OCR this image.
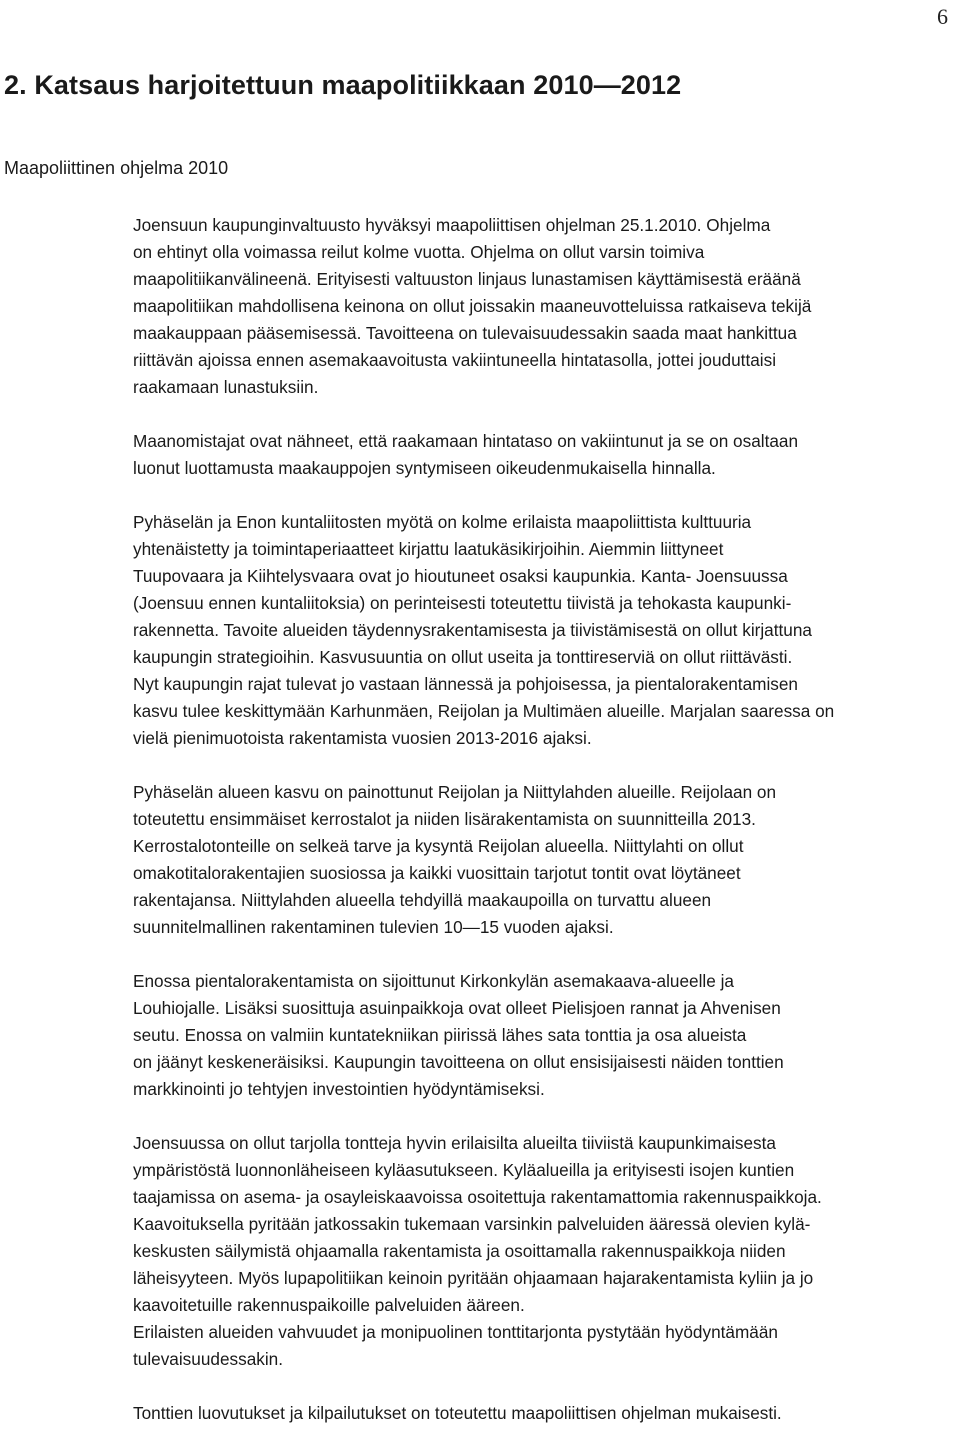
6
2. Katsaus harjoitettuun maapolitiikkaan 2010—2012
Maapoliittinen ohjelma 2010
Joensuun kaupunginvaltuusto hyväksyi maapoliittisen ohjelman 25.1.2010. Ohjelma
on ehtinyt olla voimassa reilut kolme vuotta. Ohjelma on ollut varsin toimiva
maapolitiikanvälineenä. Erityisesti valtuuston linjaus lunastamisen käyttämisestä eräänä
maapolitiikan mahdollisena keinona on ollut joissakin maaneuvotteluissa ratkaiseva tekijä
maakauppaan pääsemisessä. Tavoitteena on tulevaisuudessakin saada maat hankittua
riittävän ajoissa ennen asemakaavoitusta vakiintuneella hintatasolla, jottei jouduttaisi
raakamaan lunastuksiin.
Maanomistajat ovat nähneet, että raakamaan hintataso on vakiintunut ja se on osaltaan
luonut luottamusta maakauppojen syntymiseen oikeudenmukaisella hinnalla.
Pyhäselän ja Enon kuntaliitosten myötä on kolme erilaista maapoliittista kulttuuria
yhtenäistetty ja toimintaperiaatteet kirjattu laatukäsikirjoihin. Aiemmin liittyneet
Tuupovaara ja Kiihtelysvaara ovat jo hioutuneet osaksi kaupunkia. Kanta- Joensuussa
(Joensuu ennen kuntaliitoksia) on perinteisesti toteutettu tiivistä ja tehokasta kaupunki-
rakennetta. Tavoite alueiden täydennysrakentamisesta ja tiivistämisestä on ollut kirjattuna
kaupungin strategioihin. Kasvusuuntia on ollut useita ja tonttireserviä on ollut riittävästi.
Nyt kaupungin rajat tulevat jo vastaan lännessä ja pohjoisessa, ja pientalorakentamisen
kasvu tulee keskittymään Karhunmäen, Reijolan ja Multimäen alueille. Marjalan saaressa on
vielä pienimuotoista rakentamista vuosien 2013-2016 ajaksi.
Pyhäselän alueen kasvu on painottunut Reijolan ja Niittylahden alueille. Reijolaan on
toteutettu ensimmäiset kerrostalot ja niiden lisärakentamista on suunnitteilla 2013.
Kerrostalotonteille on selkeä tarve ja kysyntä Reijolan alueella. Niittylahti on ollut
omakotitalorakentajien suosiossa ja kaikki vuosittain tarjotut tontit ovat löytäneet
rakentajansa. Niittylahden alueella tehdyillä maakaupoilla on turvattu alueen
suunnitelmallinen rakentaminen tulevien 10—15 vuoden ajaksi.
Enossa pientalorakentamista on sijoittunut Kirkonkylän asemakaava-alueelle ja
Louhiojalle. Lisäksi suosittuja asuinpaikkoja ovat olleet Pielisjoen rannat ja Ahvenisen
seutu. Enossa on valmiin kuntatekniikan piirissä lähes sata tonttia ja osa alueista
on jäänyt keskeneräisiksi. Kaupungin tavoitteena on ollut ensisijaisesti näiden tonttien
markkinointi jo tehtyjen investointien hyödyntämiseksi.
Joensuussa on ollut tarjolla tontteja hyvin erilaisilta alueilta tiiviistä kaupunkimaisesta
ympäristöstä luonnonläheiseen kyläasutukseen. Kyläalueilla ja erityisesti isojen kuntien
taajamissa on asema- ja osayleiskaavoissa osoitettuja rakentamattomia rakennuspaikkoja.
Kaavoituksella pyritään jatkossakin tukemaan varsinkin palveluiden ääressä olevien kylä-
keskusten säilymistä ohjaamalla rakentamista ja osoittamalla rakennuspaikkoja niiden
läheisyyteen. Myös lupapolitiikan keinoin pyritään ohjaamaan hajarakentamista kyliin ja jo
kaavoitetuille rakennuspaikoille palveluiden ääreen.
Erilaisten alueiden vahvuudet ja monipuolinen tonttitarjonta pystytään hyödyntämään
tulevaisuudessakin.
Tonttien luovutukset ja kilpailutukset on toteutettu maapoliittisen ohjelman mukaisesti.
